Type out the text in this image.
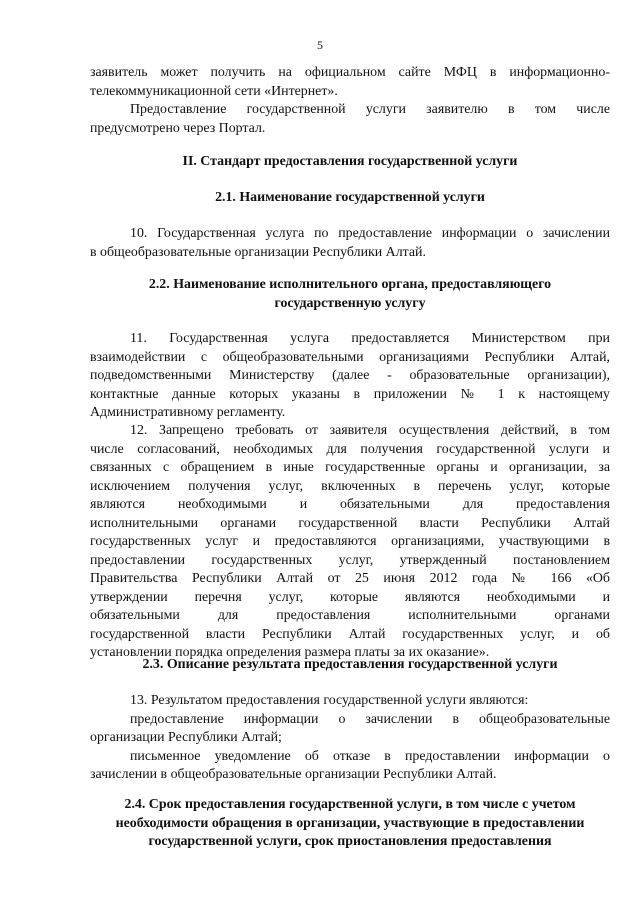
5
заявитель может получить на официальном сайте МФЦ в информационно-
телекоммуникационной сети «Интернет».
Предоставление государственной услуги заявителю в том числе
предусмотрено через Портал.
II. Стандарт предоставления государственной услуги
2.1. Наименование государственной услуги
10. Государственная услуга по предоставление информации о зачислении
в общеобразовательные организации Республики Алтай.
2.2. Наименование исполнительного органа, предоставляющего
государственную услугу
11. Государственная услуга предоставляется Министерством при
взаимодействии с общеобразовательными организациями Республики Алтай,
подведомственными Министерству (далее - образовательные организации),
контактные данные которых указаны в приложении № 1 к настоящему
Административному регламенту.
12. Запрещено требовать от заявителя осуществления действий, в том
числе согласований, необходимых для получения государственной услуги и
связанных с обращением в иные государственные органы и организации, за
исключением получения услуг, включенных в перечень услуг, которые
являются необходимыми и обязательными для предоставления
исполнительными органами государственной власти Республики Алтай
государственных услуг и предоставляются организациями, участвующими в
предоставлении государственных услуг, утвержденный постановлением
Правительства Республики Алтай от 25 июня 2012 года № 166 «Об
утверждении перечня услуг, которые являются необходимыми и
обязательными для предоставления исполнительными органами
государственной власти Республики Алтай государственных услуг, и об
установлении порядка определения размера платы за их оказание».
2.3. Описание результата предоставления государственной услуги
13. Результатом предоставления государственной услуги являются:
предоставление информации о зачислении в общеобразовательные
организации Республики Алтай;
письменное уведомление об отказе в предоставлении информации о
зачислении в общеобразовательные организации Республики Алтай.
2.4. Срок предоставления государственной услуги, в том числе с учетом
необходимости обращения в организации, участвующие в предоставлении
государственной услуги, срок приостановления предоставления
